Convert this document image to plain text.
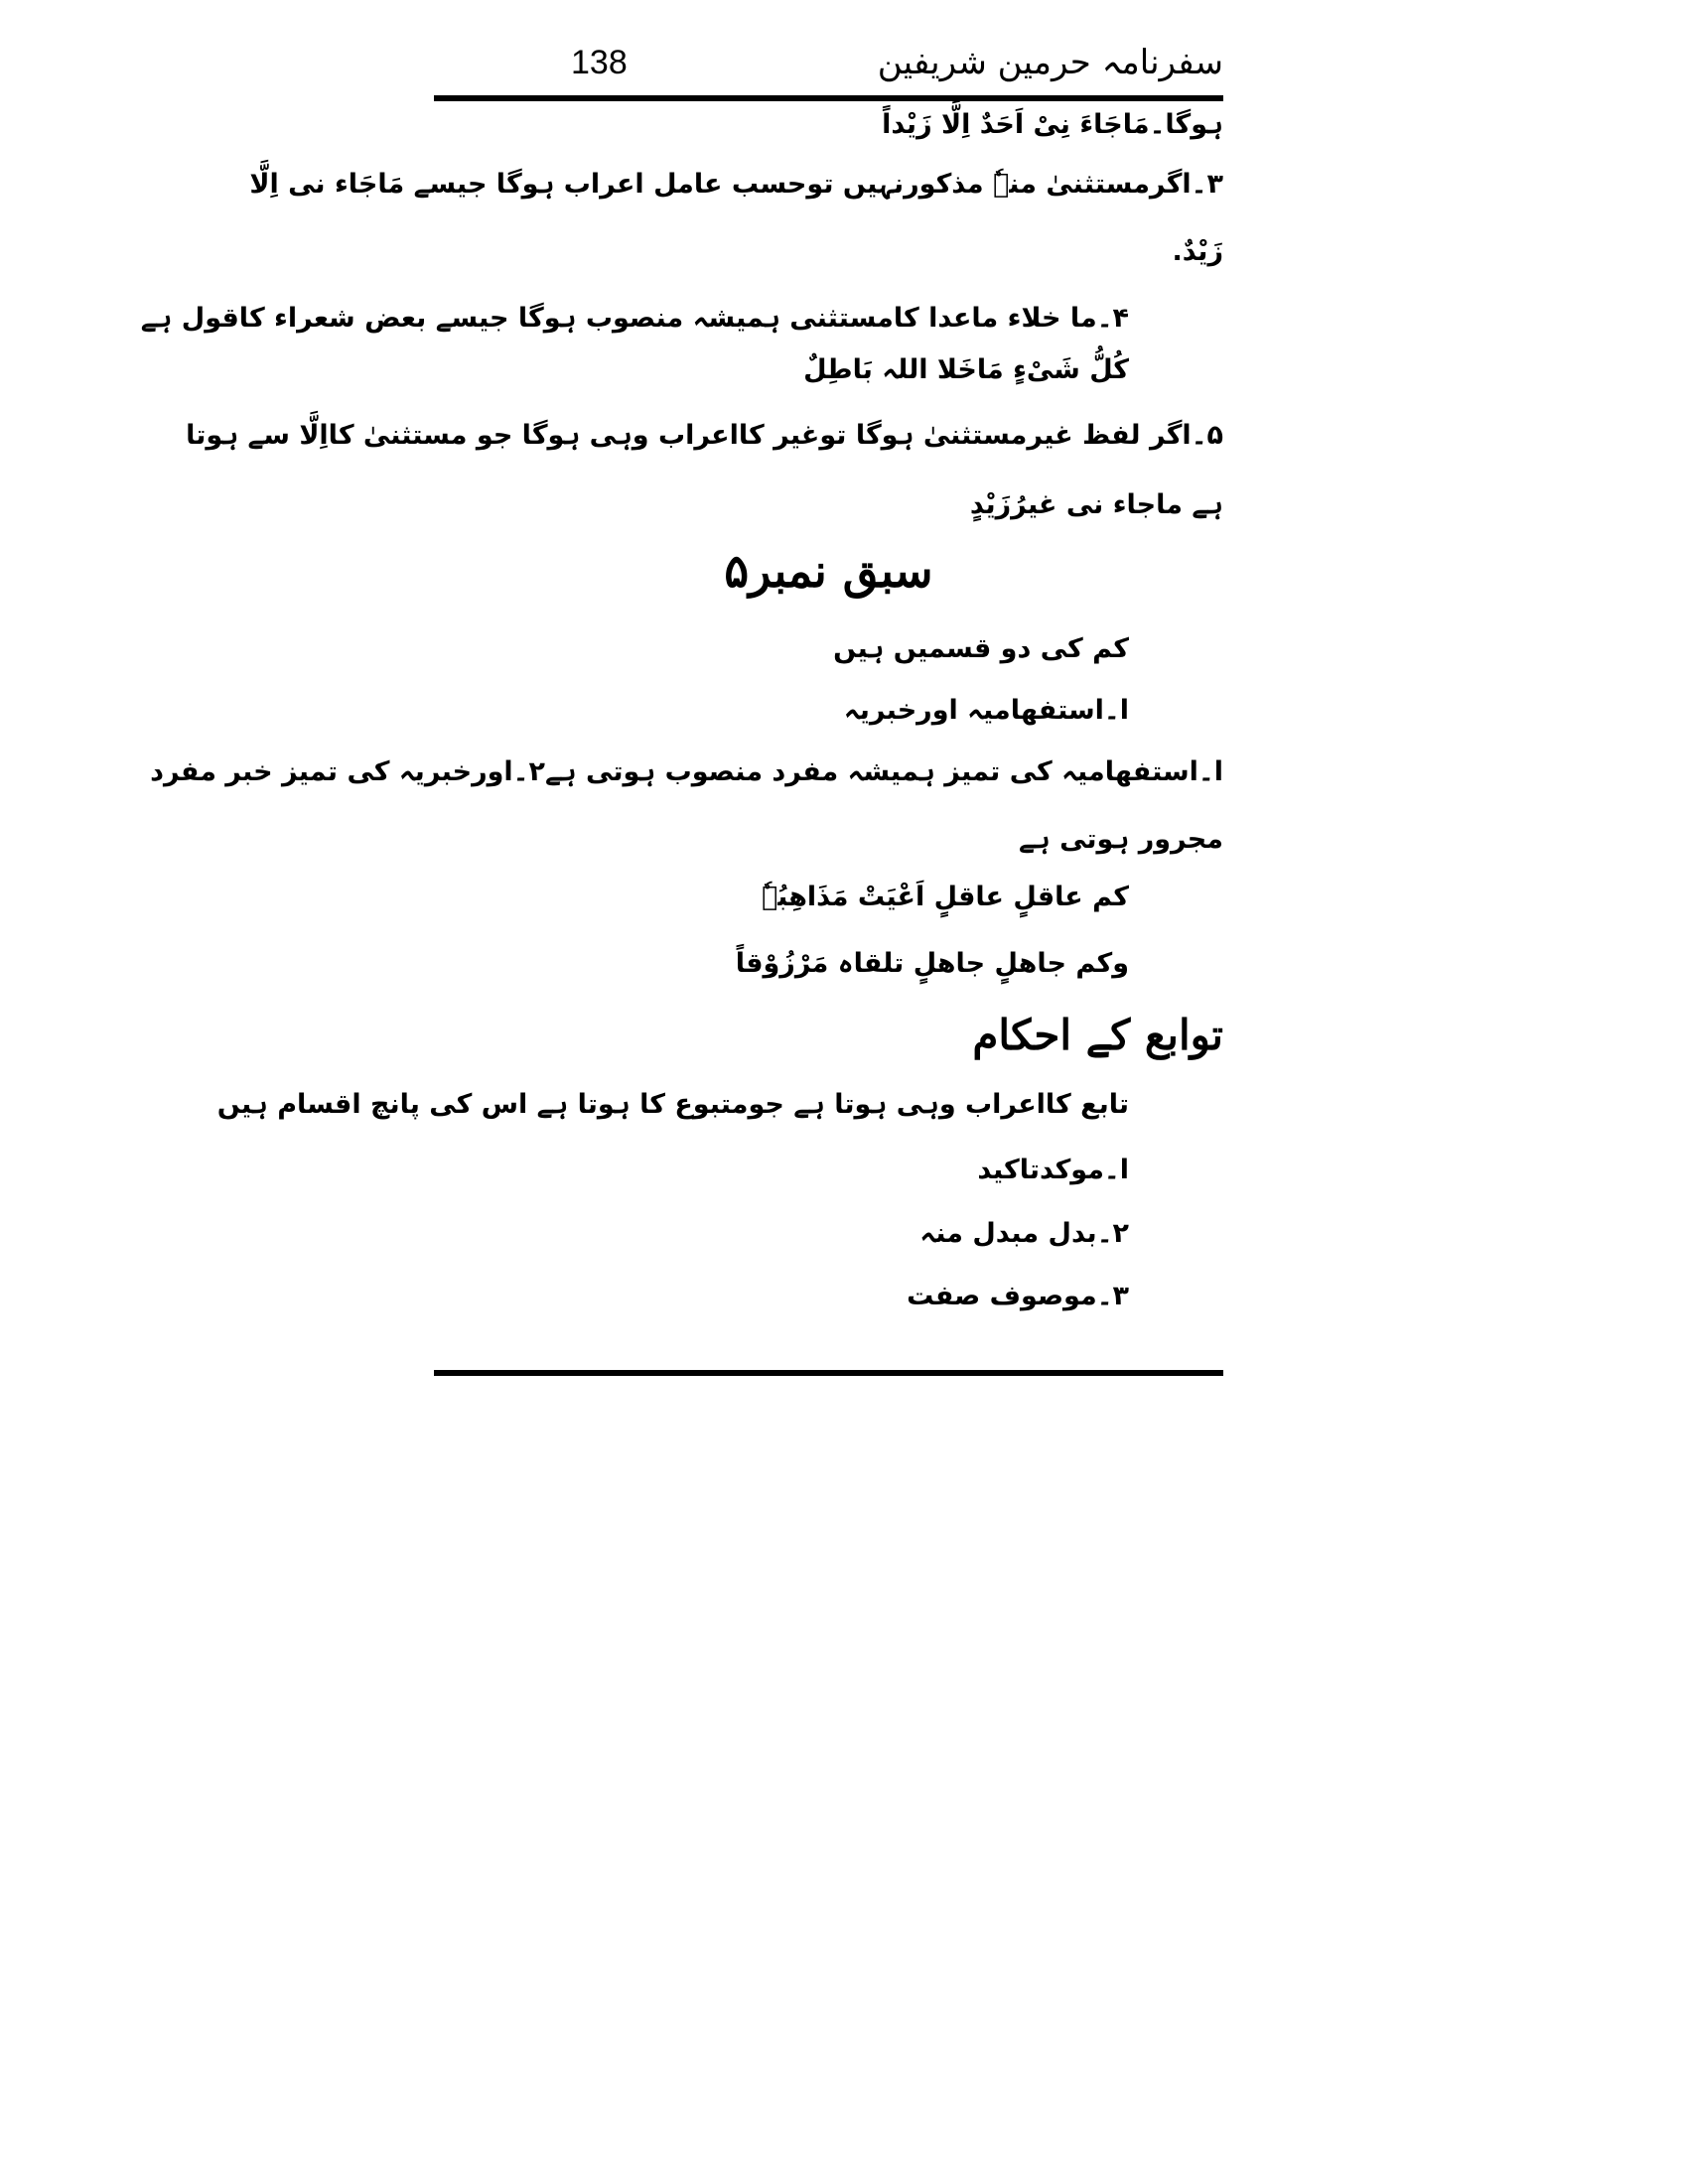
سفرنامہ حرمین شریفین
138
ہوگا۔مَاجَاءَ نِیْ اَحَدٌ اِلَّا زَیْداً
۳۔اگرمستثنیٰ منہٗ مذکورنہیں توحسب عامل اعراب ہوگا جیسے مَاجَاء نی اِلَّا
زَیْدٌ.
۴۔ما خلاء ماعدا کامستثنی ہمیشہ منصوب ہوگا جیسے بعض شعراء کاقول ہے
کُلُّ شَیْءٍ مَاخَلا اللہ بَاطِلٌ
۵۔اگر لفظ غیرمستثنیٰ ہوگا توغیر کااعراب وہی ہوگا جو مستثنیٰ کااِلَّا سے ہوتا
ہے ماجاء نی غیرُزَیْدٍ
سبق نمبر۵
کم کی دو قسمیں ہیں
ا۔استفھامیہ اورخبریہ
ا۔استفھامیہ کی تمیز ہمیشہ مفرد منصوب ہوتی ہے۲۔اورخبریہ کی تمیز خبر مفرد
مجرور ہوتی ہے
کم عاقلٍ عاقلٍ اَعْیَتْ مَذَاھِبُہٗ
وکم جاھلٍ جاھلٍ تلقاہ مَرْزُوْقاً
توابع کے احکام
تابع کااعراب وہی ہوتا ہے جومتبوع کا ہوتا ہے اس کی پانچ اقسام ہیں
ا۔موکدتاکید
۲۔بدل مبدل منہ
۳۔موصوف صفت
